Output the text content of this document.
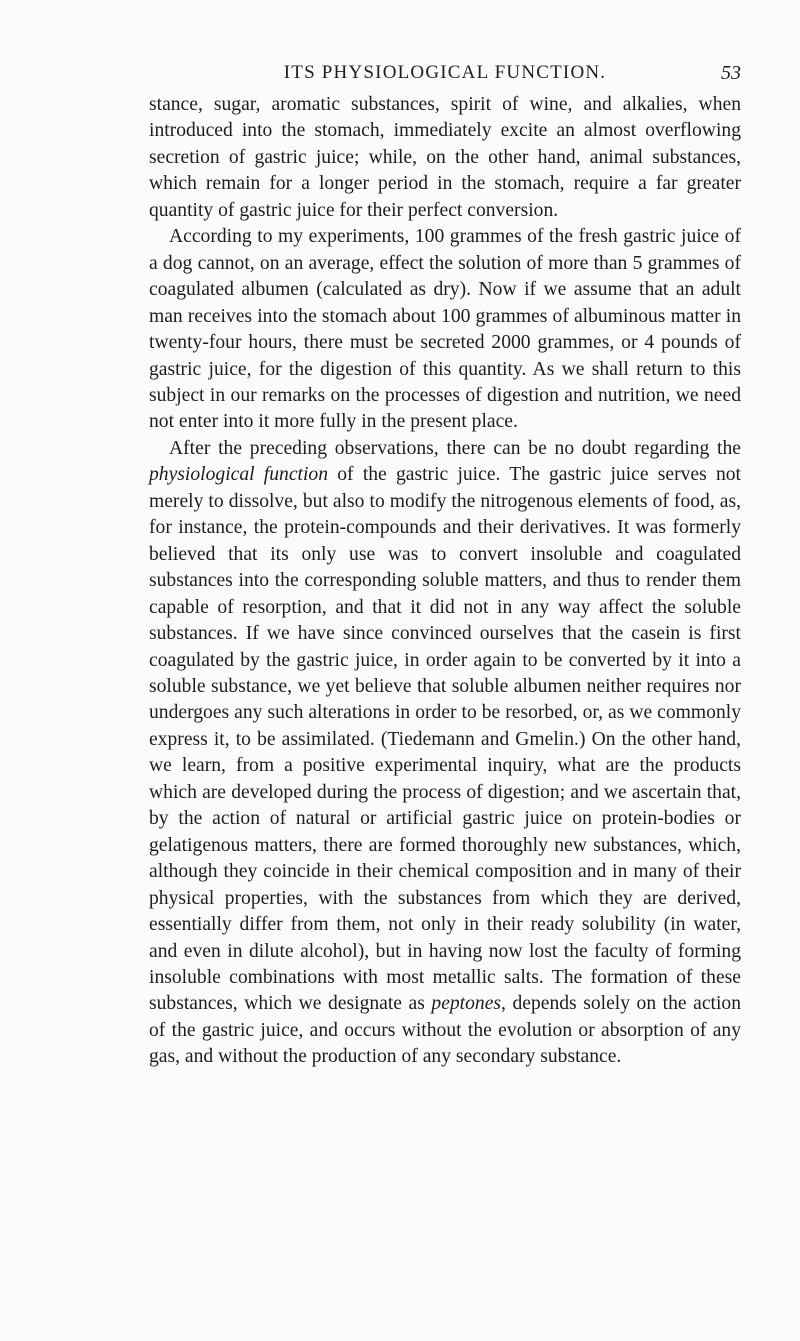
ITS PHYSIOLOGICAL FUNCTION.	53

stance, sugar, aromatic substances, spirit of wine, and alkalies, when introduced into the stomach, immediately excite an almost overflowing secretion of gastric juice; while, on the other hand, animal substances, which remain for a longer period in the stomach, require a far greater quantity of gastric juice for their perfect conversion.

According to my experiments, 100 grammes of the fresh gastric juice of a dog cannot, on an average, effect the solution of more than 5 grammes of coagulated albumen (calculated as dry). Now if we assume that an adult man receives into the stomach about 100 grammes of albuminous matter in twenty-four hours, there must be secreted 2000 grammes, or 4 pounds of gastric juice, for the digestion of this quantity. As we shall return to this subject in our remarks on the processes of digestion and nutrition, we need not enter into it more fully in the present place.

After the preceding observations, there can be no doubt regarding the physiological function of the gastric juice. The gastric juice serves not merely to dissolve, but also to modify the nitrogenous elements of food, as, for instance, the protein-compounds and their derivatives. It was formerly believed that its only use was to convert insoluble and coagulated substances into the corresponding soluble matters, and thus to render them capable of resorption, and that it did not in any way affect the soluble substances. If we have since convinced ourselves that the casein is first coagulated by the gastric juice, in order again to be converted by it into a soluble substance, we yet believe that soluble albumen neither requires nor undergoes any such alterations in order to be resorbed, or, as we commonly express it, to be assimilated. (Tiedemann and Gmelin.) On the other hand, we learn, from a positive experimental inquiry, what are the products which are developed during the process of digestion; and we ascertain that, by the action of natural or artificial gastric juice on protein-bodies or gelatigenous matters, there are formed thoroughly new substances, which, although they coincide in their chemical composition and in many of their physical properties, with the substances from which they are derived, essentially differ from them, not only in their ready solubility (in water, and even in dilute alcohol), but in having now lost the faculty of forming insoluble combinations with most metallic salts. The formation of these substances, which we designate as peptones, depends solely on the action of the gastric juice, and occurs without the evolution or absorption of any gas, and without the production of any secondary substance.
